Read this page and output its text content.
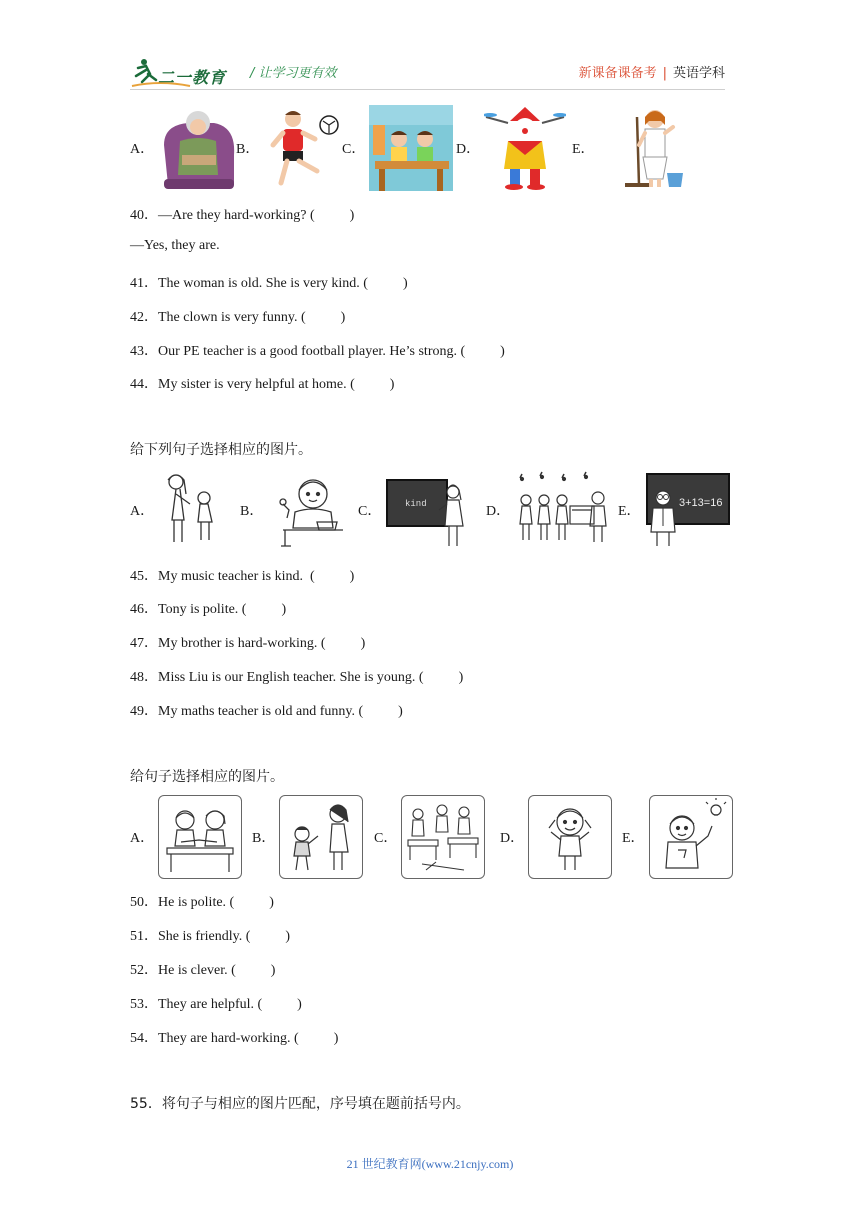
二一教育 / 让学习更有效	新课备课备考 | 英语学科
A．	B．	C．	D．	E．
40．—Are they hard-working? (          )
—Yes, they are.
41．The woman is old. She is very kind. (          )
42．The clown is very funny. (          )
43．Our PE teacher is a good football player. He’s strong. (          )
44．My sister is very helpful at home. (          )
给下列句子选择相应的图片。
A．	B．	C．	kind	D．	E．
3+13=16
45．My music teacher is kind.  (          )
46．Tony is polite. (          )
47．My brother is hard-working. (          )
48．Miss Liu is our English teacher. She is young. (          )
49．My maths teacher is old and funny. (          )
给句子选择相应的图片。
A．	B．	C．	D．	E．
50．He is polite. (          )
51．She is friendly. (          )
52．He is clever. (          )
53．They are helpful. (          )
54．They are hard-working. (          )
55．将句子与相应的图片匹配，序号填在题前括号内。
21 世纪教育网(www.21cnjy.com)
